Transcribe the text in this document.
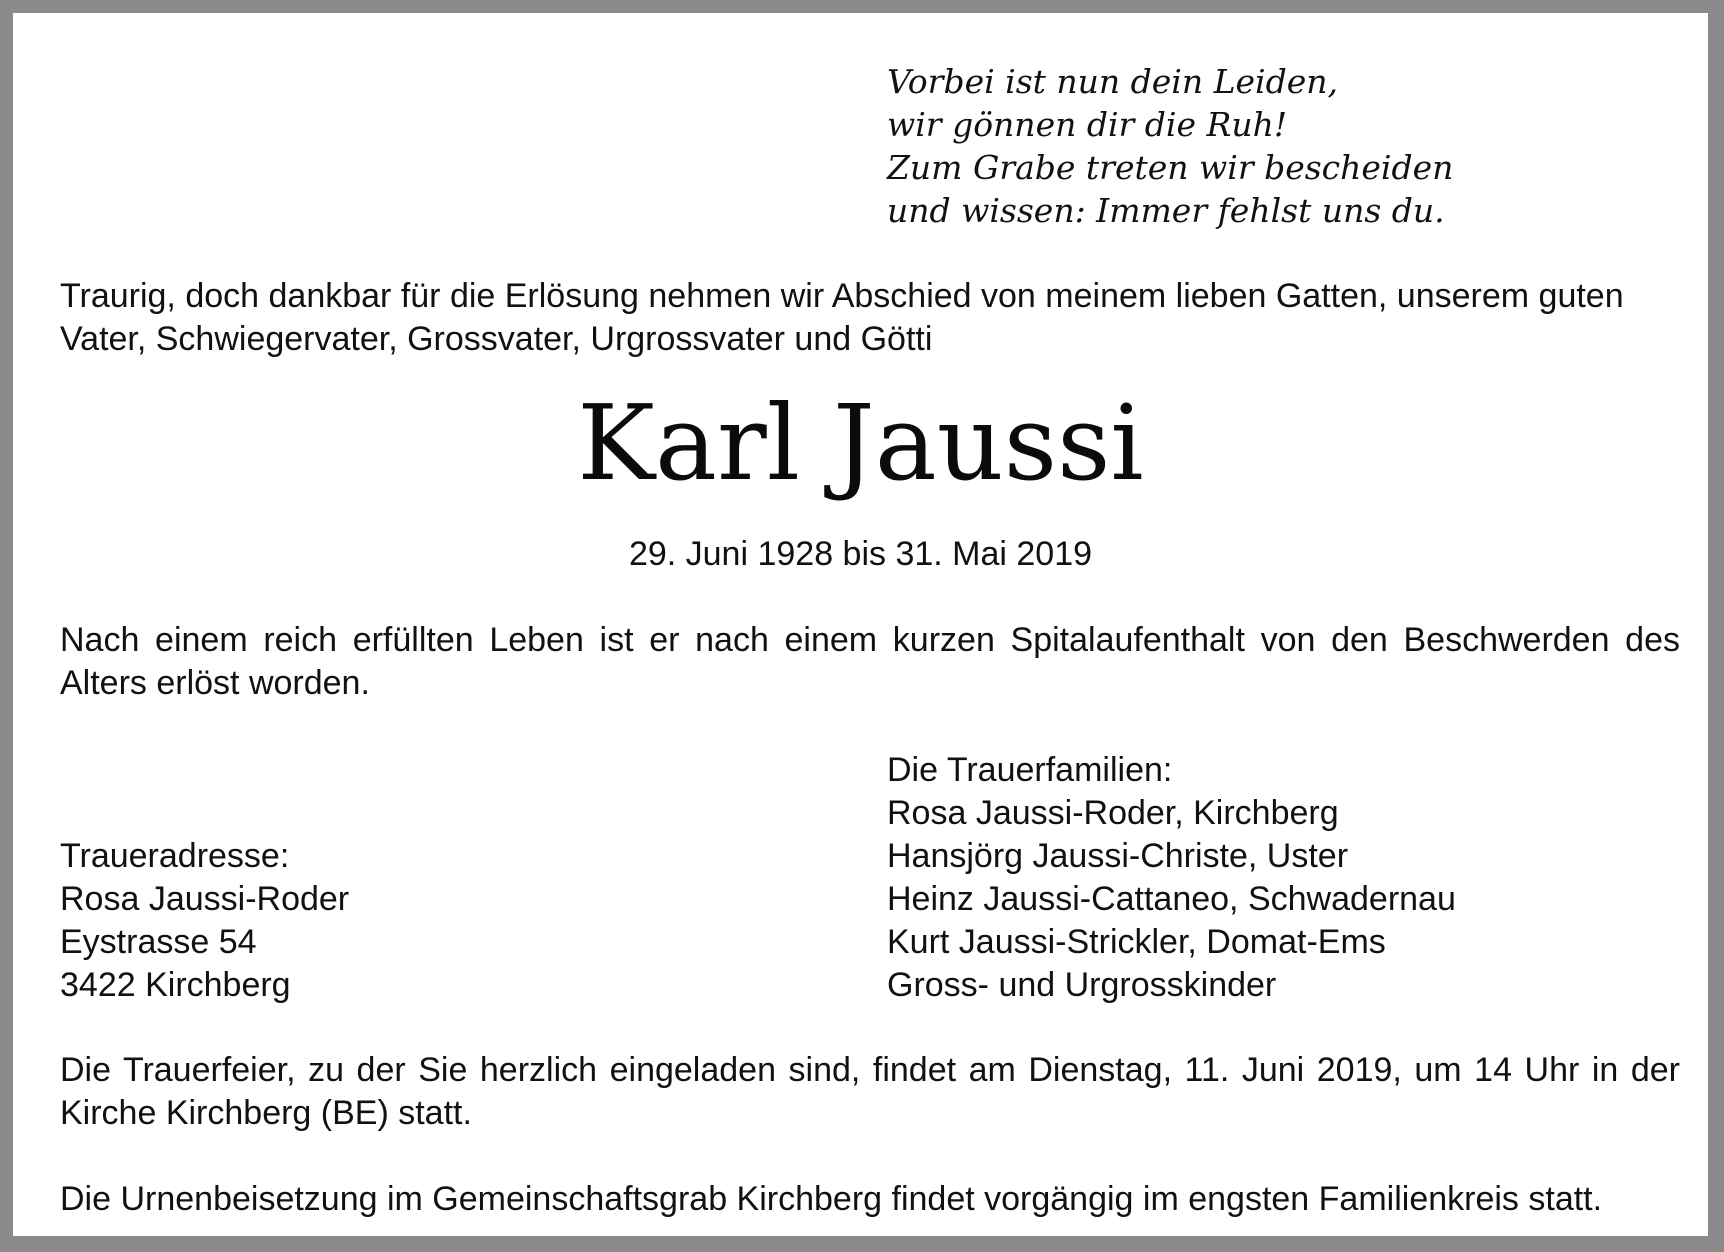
Vorbei ist nun dein Leiden,
wir gönnen dir die Ruh!
Zum Grabe treten wir bescheiden
und wissen: Immer fehlst uns du.
Traurig, doch dankbar für die Erlösung nehmen wir Abschied von meinem lieben Gatten, unserem guten Vater, Schwiegervater, Grossvater, Urgrossvater und Götti
Karl Jaussi
29. Juni 1928 bis 31. Mai 2019
Nach einem reich erfüllten Leben ist er nach einem kurzen Spitalaufenthalt von den Beschwerden des Alters erlöst worden.
Traueradresse:
Rosa Jaussi-Roder
Eystrasse 54
3422 Kirchberg
Die Trauerfamilien:
Rosa Jaussi-Roder, Kirchberg
Hansjörg Jaussi-Christe, Uster
Heinz Jaussi-Cattaneo, Schwadernau
Kurt Jaussi-Strickler, Domat-Ems
Gross- und Urgrosskinder
Die Trauerfeier, zu der Sie herzlich eingeladen sind, findet am Dienstag, 11. Juni 2019, um 14 Uhr in der Kirche Kirchberg (BE) statt.
Die Urnenbeisetzung im Gemeinschaftsgrab Kirchberg findet vorgängig im engsten Familienkreis statt.
